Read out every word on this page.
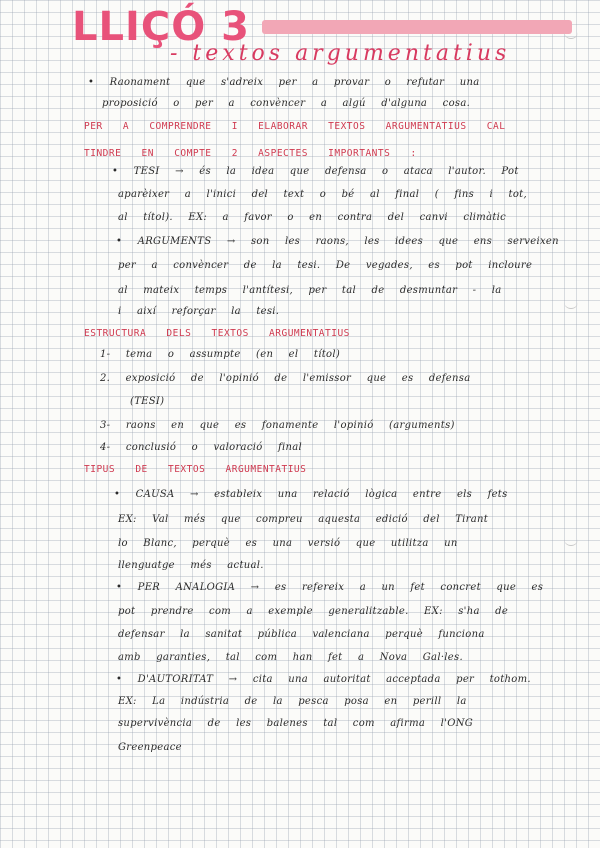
LLIÇÓ 3
- textos argumentatius
• Raonament que s'adreix per a provar o refutar una
proposició o per a convèncer a algú d'alguna cosa.
PER A COMPRENDRE I ELABORAR TEXTOS ARGUMENTATIUS CAL
TINDRE EN COMPTE 2 ASPECTES IMPORTANTS :
• TESI → és la idea que defensa o ataca l'autor. Pot
aparèixer a l'inici del text o bé al final ( fins i tot,
al títol). EX: a favor o en contra del canvi climàtic
• ARGUMENTS → son les raons, les idees que ens serveixen
per a convèncer de la tesi. De vegades, es pot incloure
al mateix temps l'antítesi, per tal de desmuntar - la
i així reforçar la tesi.
ESTRUCTURA DELS TEXTOS ARGUMENTATIUS
1- tema o assumpte (en el títol)
2. exposició de l'opinió de l'emissor que es defensa
(TESI)
3- raons en que es fonamente l'opinió (arguments)
4- conclusió o valoració final
TIPUS DE TEXTOS ARGUMENTATIUS
• CAUSA → estableix una relació lògica entre els fets
EX: Val més que compreu aquesta edició del Tirant
lo Blanc, perquè es una versió que utilitza un
llenguatge més actual.
• PER ANALOGIA → es refereix a un fet concret que es
pot prendre com a exemple generalitzable. EX: s'ha de
defensar la sanitat pública valenciana perquè funciona
amb garanties, tal com han fet a Nova Gal·les.
• D'AUTORITAT → cita una autoritat acceptada per tothom.
EX: La indústria de la pesca posa en perill la
supervivència de les balenes tal com afirma l'ONG
Greenpeace
